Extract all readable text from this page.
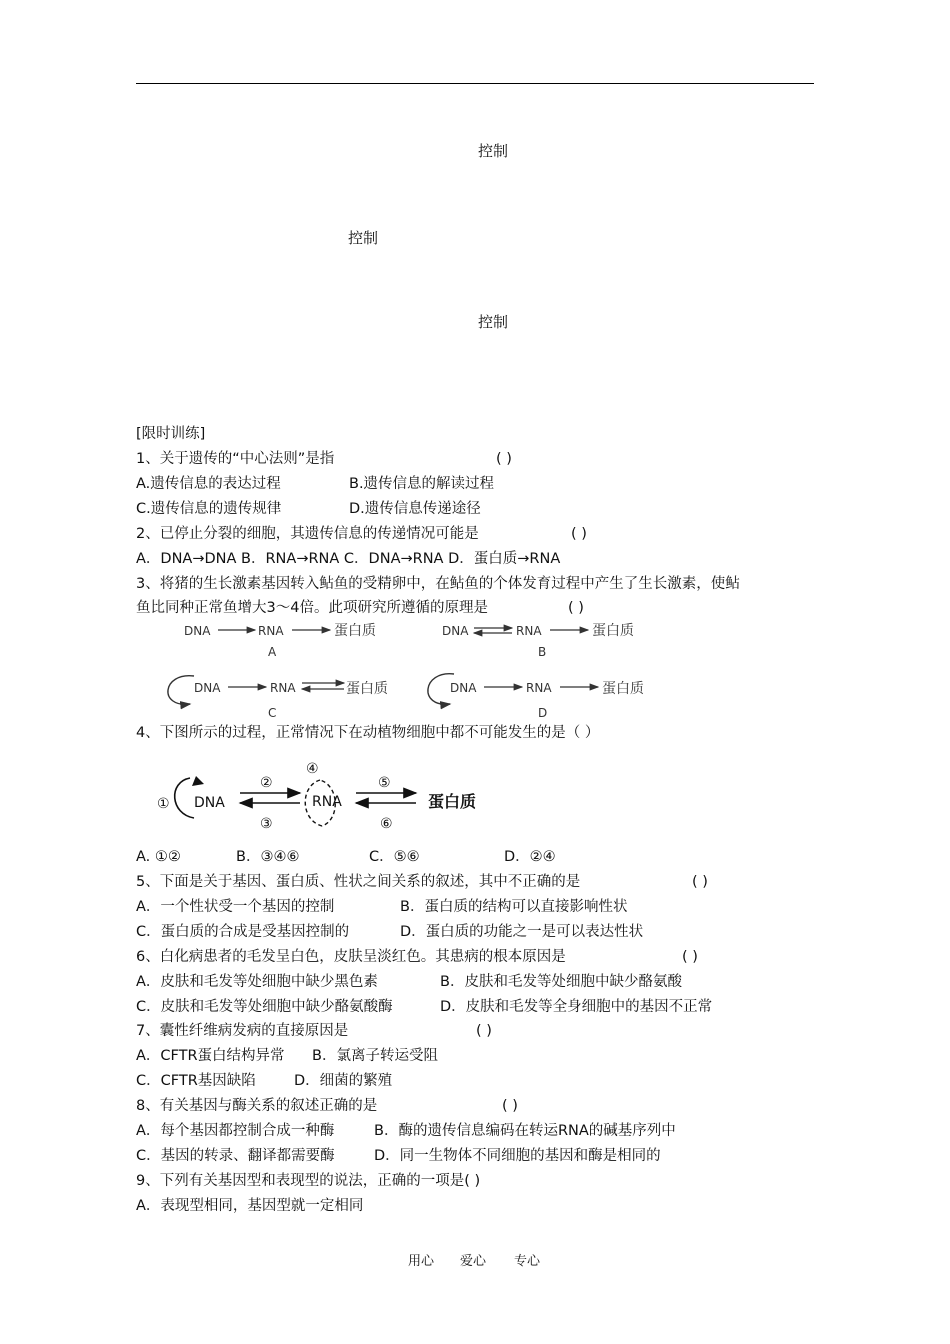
控制
控制
控制
[限时训练]
1、关于遗传的“中心法则”是指	( )
A.遗传信息的表达过程	B.遗传信息的解读过程
C.遗传信息的遗传规律	D.遗传信息传递途径
2、已停止分裂的细胞，其遗传信息的传递情况可能是	( )
A．DNA→DNA B．RNA→RNA C．DNA→RNA D．蛋白质→RNA
3、将猪的生长激素基因转入鲇鱼的受精卵中，在鲇鱼的个体发育过程中产生了生长激素，使鲇
鱼比同种正常鱼增大3～4倍。此项研究所遵循的原理是	( )
DNA	RNA	蛋白质
A
DNA	RNA	蛋白质
B
DNA	RNA	蛋白质
C
DNA	RNA	蛋白质
D
4、下图所示的过程，正常情况下在动植物细胞中都不可能发生的是（ ）
① DNA
②
③
④
RNA
⑤
⑥
蛋白质
A. ①②	B．③④⑥	C．⑤⑥	D．②④
5、下面是关于基因、蛋白质、性状之间关系的叙述，其中不正确的是	( )
A．一个性状受一个基因的控制	B．蛋白质的结构可以直接影响性状
C．蛋白质的合成是受基因控制的	D．蛋白质的功能之一是可以表达性状
6、白化病患者的毛发呈白色，皮肤呈淡红色。其患病的根本原因是	( )
A．皮肤和毛发等处细胞中缺少黑色素	B．皮肤和毛发等处细胞中缺少酪氨酸
C．皮肤和毛发等处细胞中缺少酪氨酸酶	D．皮肤和毛发等全身细胞中的基因不正常
7、囊性纤维病发病的直接原因是	( )
A．CFTR蛋白结构异常 B．氯离子转运受阻
C．CFTR基因缺陷	D．细菌的繁殖
8、有关基因与酶关系的叙述正确的是	( )
A．每个基因都控制合成一种酶	B．酶的遗传信息编码在转运RNA的碱基序列中
C．基因的转录、翻译都需要酶	D．同一生物体不同细胞的基因和酶是相同的
9、下列有关基因型和表现型的说法，正确的一项是( )
A．表现型相同，基因型就一定相同
用心 爱心 专心
